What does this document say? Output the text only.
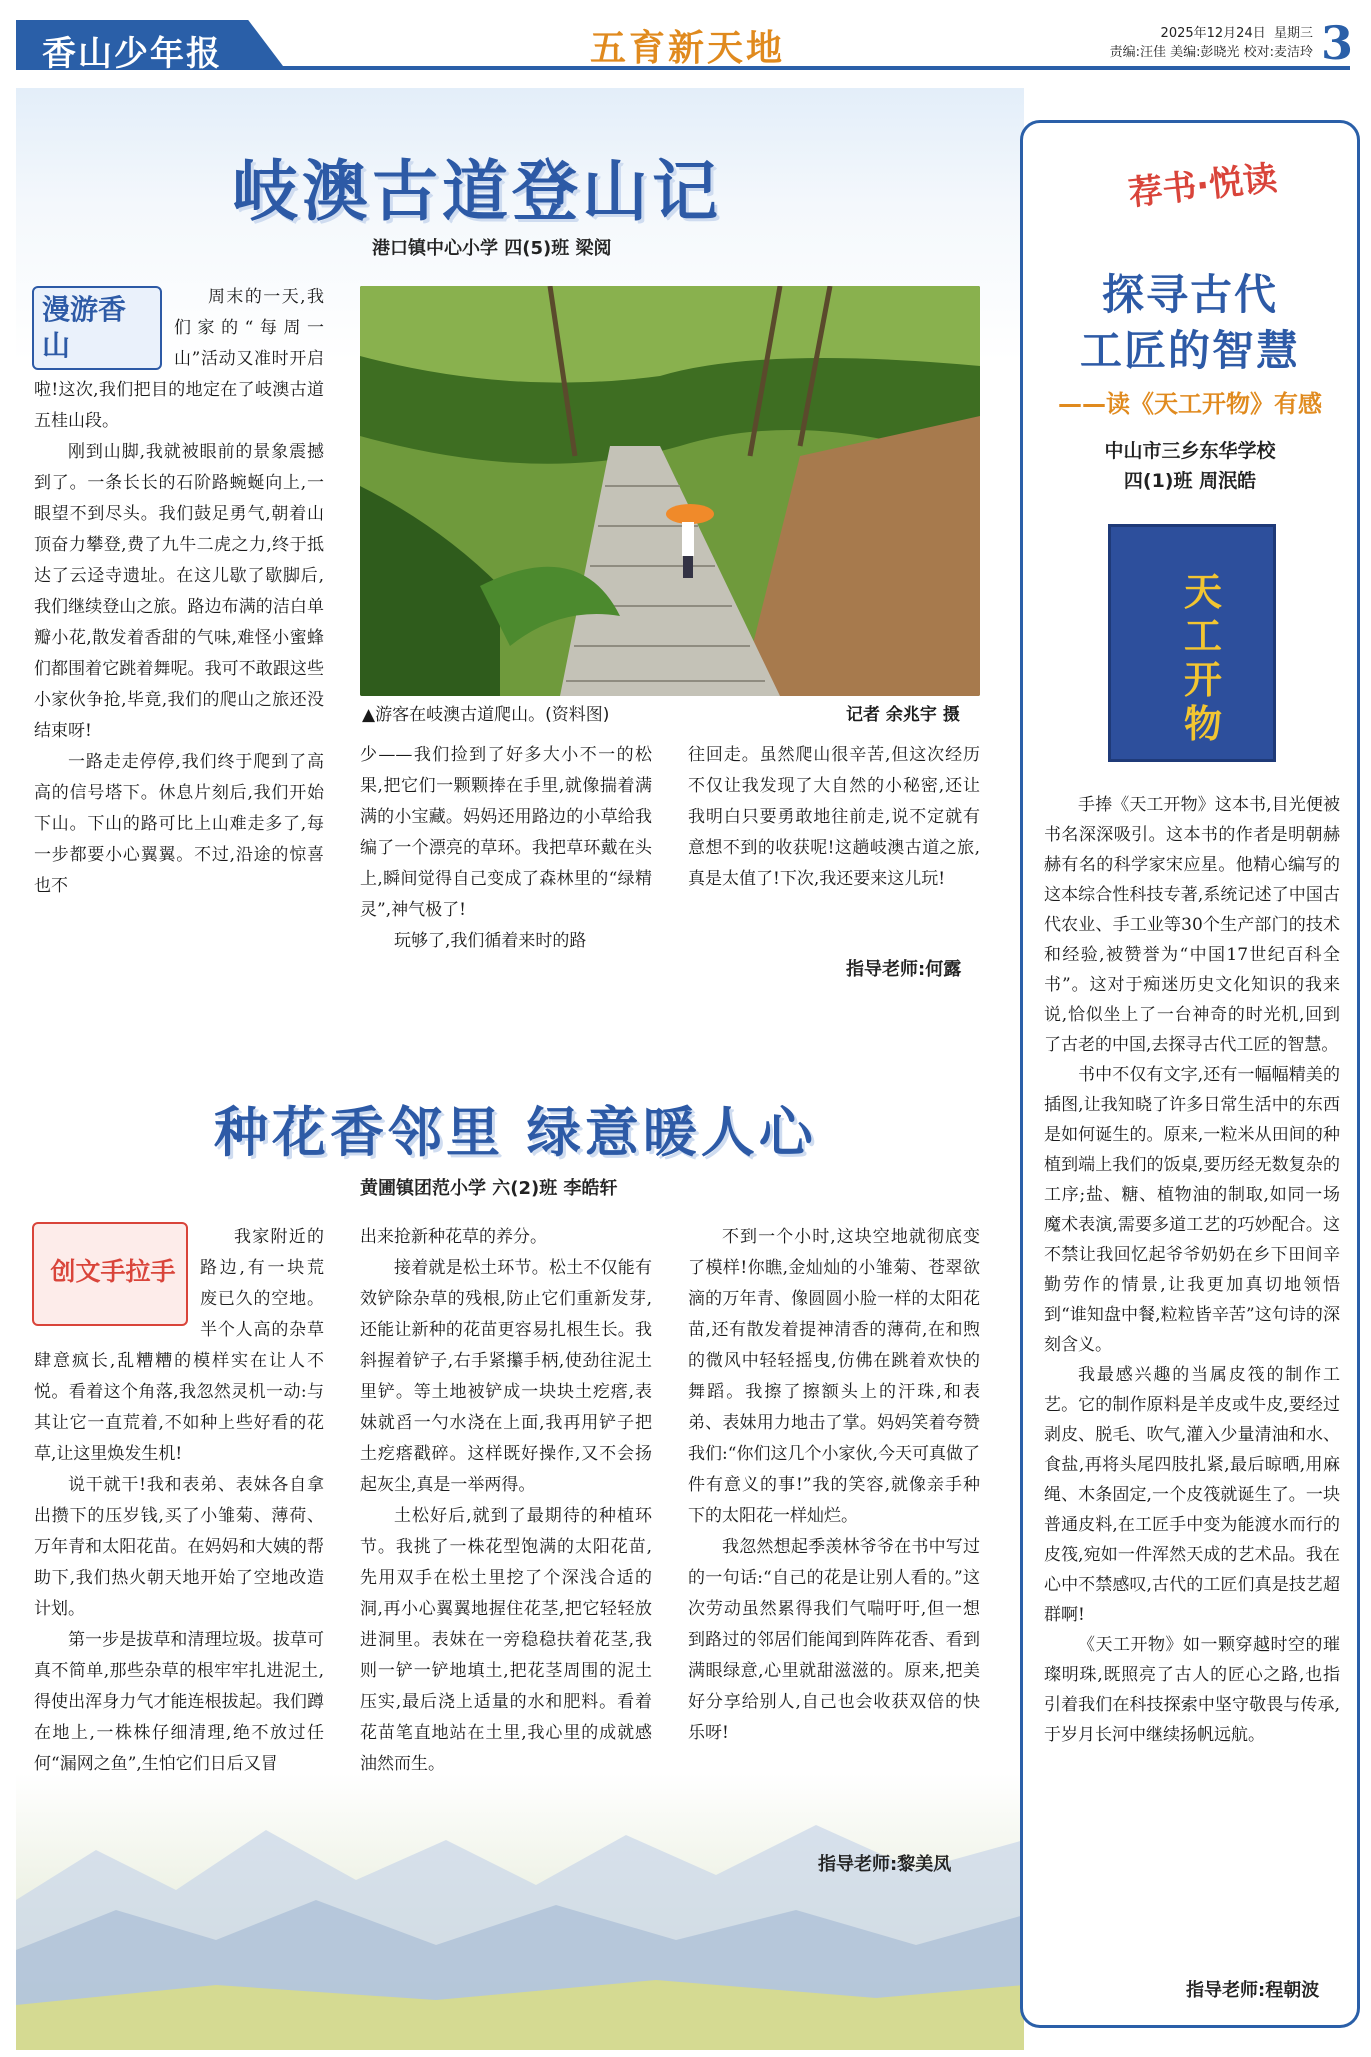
香山少年报	五育新天地	2025年12月24日 星期三
责编:汪佳 美编:彭晓光 校对:麦洁玲 3
岐澳古道登山记
港口镇中心小学 四(5)班 梁阅
漫游香山

周末的一天,我们家的“每周一山”活动又准时开启啦!这次,我们把目的地定在了岐澳古道五桂山段。

刚到山脚,我就被眼前的景象震撼到了。一条长长的石阶路蜿蜒向上,一眼望不到尽头。我们鼓足勇气,朝着山顶奋力攀登,费了九牛二虎之力,终于抵达了云迳寺遗址。在这儿歇了歇脚后,我们继续登山之旅。路边布满的洁白单瓣小花,散发着香甜的气味,难怪小蜜蜂们都围着它跳着舞呢。我可不敢跟这些小家伙争抢,毕竟,我们的爬山之旅还没结束呀!

一路走走停停,我们终于爬到了高高的信号塔下。休息片刻后,我们开始下山。下山的路可比上山难走多了,每一步都要小心翼翼。不过,沿途的惊喜也不

▲游客在岐澳古道爬山。(资料图)	记者 余兆宇 摄

少——我们捡到了好多大小不一的松果,把它们一颗颗捧在手里,就像揣着满满的小宝藏。妈妈还用路边的小草给我编了一个漂亮的草环。我把草环戴在头上,瞬间觉得自己变成了森林里的“绿精灵”,神气极了!

玩够了,我们循着来时的路

往回走。虽然爬山很辛苦,但这次经历不仅让我发现了大自然的小秘密,还让我明白只要勇敢地往前走,说不定就有意想不到的收获呢!这趟岐澳古道之旅,真是太值了!下次,我还要来这儿玩!

指导老师:何露
种花香邻里 绿意暖人心
黄圃镇团范小学 六(2)班 李皓轩
创文手拉手

我家附近的路边,有一块荒废已久的空地。半个人高的杂草肆意疯长,乱糟糟的模样实在让人不悦。看着这个角落,我忽然灵机一动:与其让它一直荒着,不如种上些好看的花草,让这里焕发生机!

说干就干!我和表弟、表妹各自拿出攒下的压岁钱,买了小雏菊、薄荷、万年青和太阳花苗。在妈妈和大姨的帮助下,我们热火朝天地开始了空地改造计划。

第一步是拔草和清理垃圾。拔草可真不简单,那些杂草的根牢牢扎进泥土,得使出浑身力气才能连根拔起。我们蹲在地上,一株株仔细清理,绝不放过任何“漏网之鱼”,生怕它们日后又冒

出来抢新种花草的养分。

接着就是松土环节。松土不仅能有效铲除杂草的残根,防止它们重新发芽,还能让新种的花苗更容易扎根生长。我斜握着铲子,右手紧攥手柄,使劲往泥土里铲。等土地被铲成一块块土疙瘩,表妹就舀一勺水浇在上面,我再用铲子把土疙瘩戳碎。这样既好操作,又不会扬起灰尘,真是一举两得。

土松好后,就到了最期待的种植环节。我挑了一株花型饱满的太阳花苗,先用双手在松土里挖了个深浅合适的洞,再小心翼翼地握住花茎,把它轻轻放进洞里。表妹在一旁稳稳扶着花茎,我则一铲一铲地填土,把花茎周围的泥土压实,最后浇上适量的水和肥料。看着花苗笔直地站在土里,我心里的成就感油然而生。

不到一个小时,这块空地就彻底变了模样!你瞧,金灿灿的小雏菊、苍翠欲滴的万年青、像圆圆小脸一样的太阳花苗,还有散发着提神清香的薄荷,在和煦的微风中轻轻摇曳,仿佛在跳着欢快的舞蹈。我擦了擦额头上的汗珠,和表弟、表妹用力地击了掌。妈妈笑着夸赞我们:“你们这几个小家伙,今天可真做了件有意义的事!”我的笑容,就像亲手种下的太阳花一样灿烂。

我忽然想起季羡林爷爷在书中写过的一句话:“自己的花是让别人看的。”这次劳动虽然累得我们气喘吁吁,但一想到路过的邻居们能闻到阵阵花香、看到满眼绿意,心里就甜滋滋的。原来,把美好分享给别人,自己也会收获双倍的快乐呀!

指导老师:黎美凤
荐书·悦读
探寻古代
工匠的智慧
——读《天工开物》有感
中山市三乡东华学校
四(1)班 周泯皓
天工开物

手捧《天工开物》这本书,目光便被书名深深吸引。这本书的作者是明朝赫赫有名的科学家宋应星。他精心编写的这本综合性科技专著,系统记述了中国古代农业、手工业等30个生产部门的技术和经验,被赞誉为“中国17世纪百科全书”。这对于痴迷历史文化知识的我来说,恰似坐上了一台神奇的时光机,回到了古老的中国,去探寻古代工匠的智慧。

书中不仅有文字,还有一幅幅精美的插图,让我知晓了许多日常生活中的东西是如何诞生的。原来,一粒米从田间的种植到端上我们的饭桌,要历经无数复杂的工序;盐、糖、植物油的制取,如同一场魔术表演,需要多道工艺的巧妙配合。这不禁让我回忆起爷爷奶奶在乡下田间辛勤劳作的情景,让我更加真切地领悟到“谁知盘中餐,粒粒皆辛苦”这句诗的深刻含义。

我最感兴趣的当属皮筏的制作工艺。它的制作原料是羊皮或牛皮,要经过剥皮、脱毛、吹气,灌入少量清油和水、食盐,再将头尾四肢扎紧,最后晾晒,用麻绳、木条固定,一个皮筏就诞生了。一块普通皮料,在工匠手中变为能渡水而行的皮筏,宛如一件浑然天成的艺术品。我在心中不禁感叹,古代的工匠们真是技艺超群啊!

《天工开物》如一颗穿越时空的璀璨明珠,既照亮了古人的匠心之路,也指引着我们在科技探索中坚守敬畏与传承,于岁月长河中继续扬帆远航。

指导老师:程朝波
